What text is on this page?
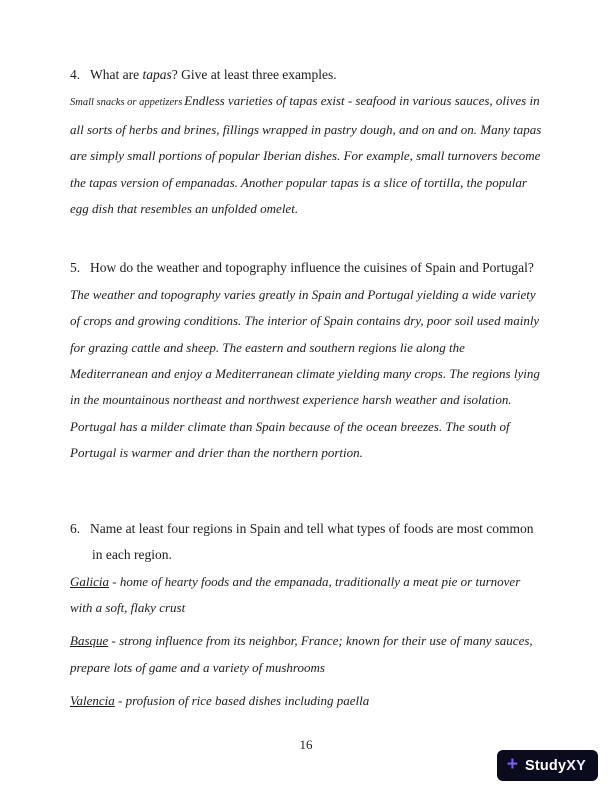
4. What are tapas? Give at least three examples.

Small snacks or appetizers Endless varieties of tapas exist - seafood in various sauces, olives in all sorts of herbs and brines, fillings wrapped in pastry dough, and on and on. Many tapas are simply small portions of popular Iberian dishes. For example, small turnovers become the tapas version of empanadas. Another popular tapas is a slice of tortilla, the popular egg dish that resembles an unfolded omelet.

5. How do the weather and topography influence the cuisines of Spain and Portugal?

The weather and topography varies greatly in Spain and Portugal yielding a wide variety of crops and growing conditions. The interior of Spain contains dry, poor soil used mainly for grazing cattle and sheep. The eastern and southern regions lie along the Mediterranean and enjoy a Mediterranean climate yielding many crops. The regions lying in the mountainous northeast and northwest experience harsh weather and isolation. Portugal has a milder climate than Spain because of the ocean breezes. The south of Portugal is warmer and drier than the northern portion.

6. Name at least four regions in Spain and tell what types of foods are most common in each region.

Galicia - home of hearty foods and the empanada, traditionally a meat pie or turnover with a soft, flaky crust

Basque - strong influence from its neighbor, France; known for their use of many sauces, prepare lots of game and a variety of mushrooms

Valencia - profusion of rice based dishes including paella

16
+ StudyXY
